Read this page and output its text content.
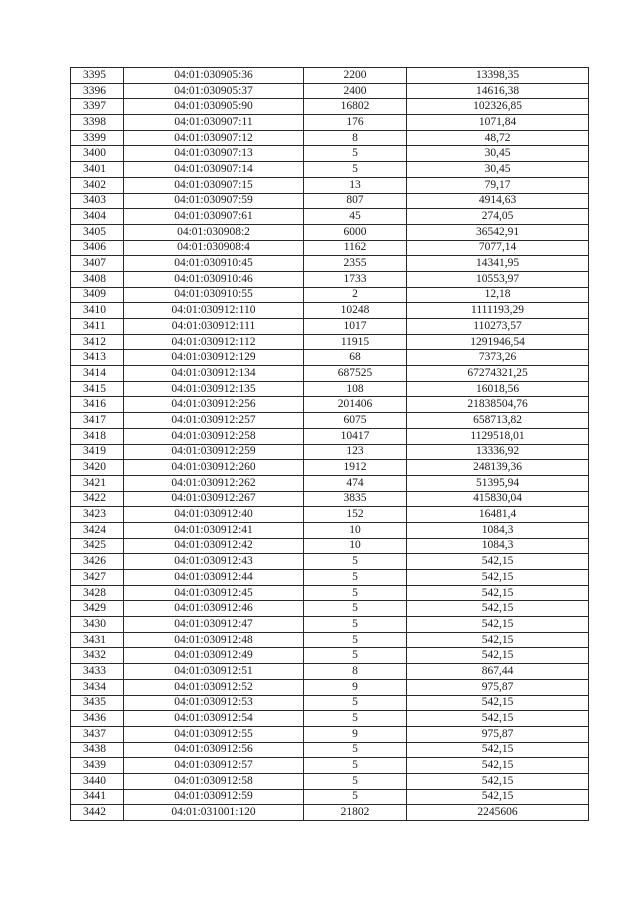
3395	04:01:030905:36	2200	13398,35
3396	04:01:030905:37	2400	14616,38
3397	04:01:030905:90	16802	102326,85
3398	04:01:030907:11	176	1071,84
3399	04:01:030907:12	8	48,72
3400	04:01:030907:13	5	30,45
3401	04:01:030907:14	5	30,45
3402	04:01:030907:15	13	79,17
3403	04:01:030907:59	807	4914,63
3404	04:01:030907:61	45	274,05
3405	04:01:030908:2	6000	36542,91
3406	04:01:030908:4	1162	7077,14
3407	04:01:030910:45	2355	14341,95
3408	04:01:030910:46	1733	10553,97
3409	04:01:030910:55	2	12,18
3410	04:01:030912:110	10248	1111193,29
3411	04:01:030912:111	1017	110273,57
3412	04:01:030912:112	11915	1291946,54
3413	04:01:030912:129	68	7373,26
3414	04:01:030912:134	687525	67274321,25
3415	04:01:030912:135	108	16018,56
3416	04:01:030912:256	201406	21838504,76
3417	04:01:030912:257	6075	658713,82
3418	04:01:030912:258	10417	1129518,01
3419	04:01:030912:259	123	13336,92
3420	04:01:030912:260	1912	248139,36
3421	04:01:030912:262	474	51395,94
3422	04:01:030912:267	3835	415830,04
3423	04:01:030912:40	152	16481,4
3424	04:01:030912:41	10	1084,3
3425	04:01:030912:42	10	1084,3
3426	04:01:030912:43	5	542,15
3427	04:01:030912:44	5	542,15
3428	04:01:030912:45	5	542,15
3429	04:01:030912:46	5	542,15
3430	04:01:030912:47	5	542,15
3431	04:01:030912:48	5	542,15
3432	04:01:030912:49	5	542,15
3433	04:01:030912:51	8	867,44
3434	04:01:030912:52	9	975,87
3435	04:01:030912:53	5	542,15
3436	04:01:030912:54	5	542,15
3437	04:01:030912:55	9	975,87
3438	04:01:030912:56	5	542,15
3439	04:01:030912:57	5	542,15
3440	04:01:030912:58	5	542,15
3441	04:01:030912:59	5	542,15
3442	04:01:031001:120	21802	2245606
